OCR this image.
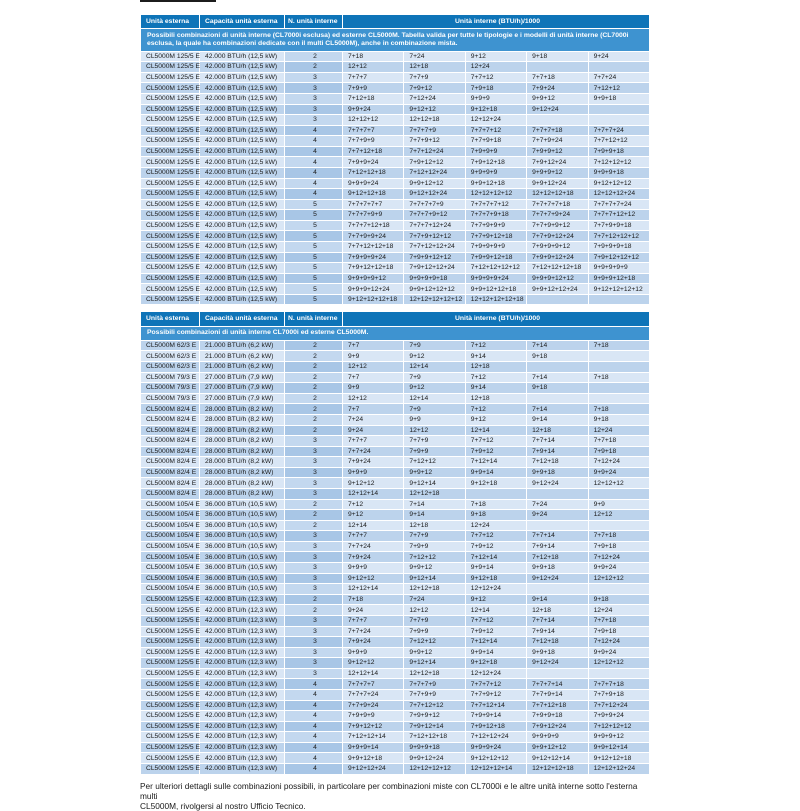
Unità esterna	Capacità unità esterna	N. unità interne	Unità interne (BTU/h)/1000				
Possibili combinazioni di unità interne (CL7000i esclusa) ed esterne CL5000M. Tabella valida per tutte le tipologie e i modelli di unità interne (CL7000i esclusa, la quale ha combinazioni dedicate con il multi CL5000M), anche in combinazione mista.							
CL5000M 125/5 E	42.000 BTU/h (12,5 kW)	2	7+18	7+24	9+12	9+18	9+24
CL5000M 125/5 E	42.000 BTU/h (12,5 kW)	2	12+12	12+18	12+24		
CL5000M 125/5 E	42.000 BTU/h (12,5 kW)	3	7+7+7	7+7+9	7+7+12	7+7+18	7+7+24
CL5000M 125/5 E	42.000 BTU/h (12,5 kW)	3	7+9+9	7+9+12	7+9+18	7+9+24	7+12+12
CL5000M 125/5 E	42.000 BTU/h (12,5 kW)	3	7+12+18	7+12+24	9+9+9	9+9+12	9+9+18
CL5000M 125/5 E	42.000 BTU/h (12,5 kW)	3	9+9+24	9+12+12	9+12+18	9+12+24	
CL5000M 125/5 E	42.000 BTU/h (12,5 kW)	3	12+12+12	12+12+18	12+12+24		
CL5000M 125/5 E	42.000 BTU/h (12,5 kW)	4	7+7+7+7	7+7+7+9	7+7+7+12	7+7+7+18	7+7+7+24
CL5000M 125/5 E	42.000 BTU/h (12,5 kW)	4	7+7+9+9	7+7+9+12	7+7+9+18	7+7+9+24	7+7+12+12
CL5000M 125/5 E	42.000 BTU/h (12,5 kW)	4	7+7+12+18	7+7+12+24	7+9+9+9	7+9+9+12	7+9+9+18
CL5000M 125/5 E	42.000 BTU/h (12,5 kW)	4	7+9+9+24	7+9+12+12	7+9+12+18	7+9+12+24	7+12+12+12
CL5000M 125/5 E	42.000 BTU/h (12,5 kW)	4	7+12+12+18	7+12+12+24	9+9+9+9	9+9+9+12	9+9+9+18
CL5000M 125/5 E	42.000 BTU/h (12,5 kW)	4	9+9+9+24	9+9+12+12	9+9+12+18	9+9+12+24	9+12+12+12
CL5000M 125/5 E	42.000 BTU/h (12,5 kW)	4	9+12+12+18	9+12+12+24	12+12+12+12	12+12+12+18	12+12+12+24
CL5000M 125/5 E	42.000 BTU/h (12,5 kW)	5	7+7+7+7+7	7+7+7+7+9	7+7+7+7+12	7+7+7+7+18	7+7+7+7+24
CL5000M 125/5 E	42.000 BTU/h (12,5 kW)	5	7+7+7+9+9	7+7+7+9+12	7+7+7+9+18	7+7+7+9+24	7+7+7+12+12
CL5000M 125/5 E	42.000 BTU/h (12,5 kW)	5	7+7+7+12+18	7+7+7+12+24	7+7+9+9+9	7+7+9+9+12	7+7+9+9+18
CL5000M 125/5 E	42.000 BTU/h (12,5 kW)	5	7+7+9+9+24	7+7+9+12+12	7+7+9+12+18	7+7+9+12+24	7+7+12+12+12
CL5000M 125/5 E	42.000 BTU/h (12,5 kW)	5	7+7+12+12+18	7+7+12+12+24	7+9+9+9+9	7+9+9+9+12	7+9+9+9+18
CL5000M 125/5 E	42.000 BTU/h (12,5 kW)	5	7+9+9+9+24	7+9+9+12+12	7+9+9+12+18	7+9+9+12+24	7+9+12+12+12
CL5000M 125/5 E	42.000 BTU/h (12,5 kW)	5	7+9+12+12+18	7+9+12+12+24	7+12+12+12+12	7+12+12+12+18	9+9+9+9+9
CL5000M 125/5 E	42.000 BTU/h (12,5 kW)	5	9+9+9+9+12	9+9+9+9+18	9+9+9+9+24	9+9+9+12+12	9+9+9+12+18
CL5000M 125/5 E	42.000 BTU/h (12,5 kW)	5	9+9+9+12+24	9+9+12+12+12	9+9+12+12+18	9+9+12+12+24	9+12+12+12+12
CL5000M 125/5 E	42.000 BTU/h (12,5 kW)	5	9+12+12+12+18	12+12+12+12+12	12+12+12+12+18		
Unità esterna	Capacità unità esterna	N. unità interne	Unità interne (BTU/h)/1000				
Possibili combinazioni di unità interne CL7000i ed esterne CL5000M.							
CL5000M 62/3 E	21.000 BTU/h (6,2 kW)	2	7+7	7+9	7+12	7+14	7+18
CL5000M 62/3 E	21.000 BTU/h (6,2 kW)	2	9+9	9+12	9+14	9+18	
CL5000M 62/3 E	21.000 BTU/h (6,2 kW)	2	12+12	12+14	12+18		
CL5000M 79/3 E	27.000 BTU/h (7,9 kW)	2	7+7	7+9	7+12	7+14	7+18
CL5000M 79/3 E	27.000 BTU/h (7,9 kW)	2	9+9	9+12	9+14	9+18	
CL5000M 79/3 E	27.000 BTU/h (7,9 kW)	2	12+12	12+14	12+18		
CL5000M 82/4 E	28.000 BTU/h (8,2 kW)	2	7+7	7+9	7+12	7+14	7+18
CL5000M 82/4 E	28.000 BTU/h (8,2 kW)	2	7+24	9+9	9+12	9+14	9+18
CL5000M 82/4 E	28.000 BTU/h (8,2 kW)	2	9+24	12+12	12+14	12+18	12+24
CL5000M 82/4 E	28.000 BTU/h (8,2 kW)	3	7+7+7	7+7+9	7+7+12	7+7+14	7+7+18
CL5000M 82/4 E	28.000 BTU/h (8,2 kW)	3	7+7+24	7+9+9	7+9+12	7+9+14	7+9+18
CL5000M 82/4 E	28.000 BTU/h (8,2 kW)	3	7+9+24	7+12+12	7+12+14	7+12+18	7+12+24
CL5000M 82/4 E	28.000 BTU/h (8,2 kW)	3	9+9+9	9+9+12	9+9+14	9+9+18	9+9+24
CL5000M 82/4 E	28.000 BTU/h (8,2 kW)	3	9+12+12	9+12+14	9+12+18	9+12+24	12+12+12
CL5000M 82/4 E	28.000 BTU/h (8,2 kW)	3	12+12+14	12+12+18			
CL5000M 105/4 E	36.000 BTU/h (10,5 kW)	2	7+12	7+14	7+18	7+24	9+9
CL5000M 105/4 E	36.000 BTU/h (10,5 kW)	2	9+12	9+14	9+18	9+24	12+12
CL5000M 105/4 E	36.000 BTU/h (10,5 kW)	2	12+14	12+18	12+24		
CL5000M 105/4 E	36.000 BTU/h (10,5 kW)	3	7+7+7	7+7+9	7+7+12	7+7+14	7+7+18
CL5000M 105/4 E	36.000 BTU/h (10,5 kW)	3	7+7+24	7+9+9	7+9+12	7+9+14	7+9+18
CL5000M 105/4 E	36.000 BTU/h (10,5 kW)	3	7+9+24	7+12+12	7+12+14	7+12+18	7+12+24
CL5000M 105/4 E	36.000 BTU/h (10,5 kW)	3	9+9+9	9+9+12	9+9+14	9+9+18	9+9+24
CL5000M 105/4 E	36.000 BTU/h (10,5 kW)	3	9+12+12	9+12+14	9+12+18	9+12+24	12+12+12
CL5000M 105/4 E	36.000 BTU/h (10,5 kW)	3	12+12+14	12+12+18	12+12+24		
CL5000M 125/5 E	42.000 BTU/h (12,3 kW)	2	7+18	7+24	9+12	9+14	9+18
CL5000M 125/5 E	42.000 BTU/h (12,3 kW)	2	9+24	12+12	12+14	12+18	12+24
CL5000M 125/5 E	42.000 BTU/h (12,3 kW)	3	7+7+7	7+7+9	7+7+12	7+7+14	7+7+18
CL5000M 125/5 E	42.000 BTU/h (12,3 kW)	3	7+7+24	7+9+9	7+9+12	7+9+14	7+9+18
CL5000M 125/5 E	42.000 BTU/h (12,3 kW)	3	7+9+24	7+12+12	7+12+14	7+12+18	7+12+24
CL5000M 125/5 E	42.000 BTU/h (12,3 kW)	3	9+9+9	9+9+12	9+9+14	9+9+18	9+9+24
CL5000M 125/5 E	42.000 BTU/h (12,3 kW)	3	9+12+12	9+12+14	9+12+18	9+12+24	12+12+12
CL5000M 125/5 E	42.000 BTU/h (12,3 kW)	3	12+12+14	12+12+18	12+12+24		
CL5000M 125/5 E	42.000 BTU/h (12,3 kW)	4	7+7+7+7	7+7+7+9	7+7+7+12	7+7+7+14	7+7+7+18
CL5000M 125/5 E	42.000 BTU/h (12,3 kW)	4	7+7+7+24	7+7+9+9	7+7+9+12	7+7+9+14	7+7+9+18
CL5000M 125/5 E	42.000 BTU/h (12,3 kW)	4	7+7+9+24	7+7+12+12	7+7+12+14	7+7+12+18	7+7+12+24
CL5000M 125/5 E	42.000 BTU/h (12,3 kW)	4	7+9+9+9	7+9+9+12	7+9+9+14	7+9+9+18	7+9+9+24
CL5000M 125/5 E	42.000 BTU/h (12,3 kW)	4	7+9+12+12	7+9+12+14	7+9+12+18	7+9+12+24	7+12+12+12
CL5000M 125/5 E	42.000 BTU/h (12,3 kW)	4	7+12+12+14	7+12+12+18	7+12+12+24	9+9+9+9	9+9+9+12
CL5000M 125/5 E	42.000 BTU/h (12,3 kW)	4	9+9+9+14	9+9+9+18	9+9+9+24	9+9+12+12	9+9+12+14
CL5000M 125/5 E	42.000 BTU/h (12,3 kW)	4	9+9+12+18	9+9+12+24	9+12+12+12	9+12+12+14	9+12+12+18
CL5000M 125/5 E	42.000 BTU/h (12,3 kW)	4	9+12+12+24	12+12+12+12	12+12+12+14	12+12+12+18	12+12+12+24

Per ulteriori dettagli sulle combinazioni possibili, in particolare per combinazioni miste con CL7000i e le altre unità interne sotto l'esterna multi
CL5000M, rivolgersi al nostro Ufficio Tecnico.
